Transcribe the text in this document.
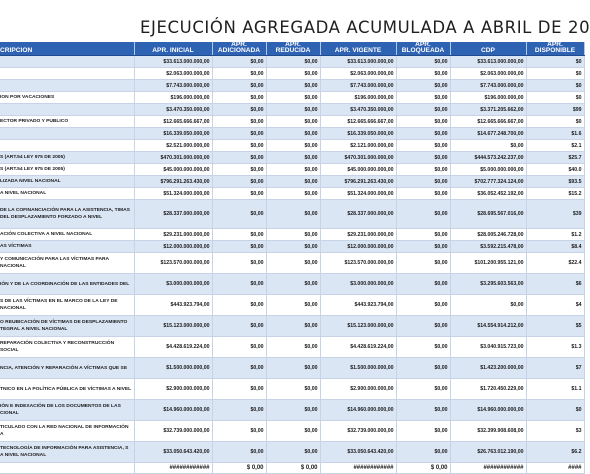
EJECUCIÓN AGREGADA ACUMULADA A ABRIL DE 20
CRIPCION	APR. INICIAL	APR. ADICIONADA	APR. REDUCIDA	APR. VIGENTE	APR. BLOQUEADA	CDP	APR. DISPONIBLE
	$33.613.000.000,00	$0,00	$0,00	$33.613.000.000,00	$0,00	$33.613.000.000,00	$0
	$2.063.000.000,00	$0,00	$0,00	$2.063.000.000,00	$0,00	$2.063.000.000,00	$0
	$7.743.000.000,00	$0,00	$0,00	$7.743.000.000,00	$0,00	$7.743.000.000,00	$0
ION POR VACACIONES	$196.000.000,00	$0,00	$0,00	$196.000.000,00	$0,00	$196.000.000,00	$0
	$3.470.350.000,00	$0,00	$0,00	$3.470.350.000,00	$0,00	$3.371.205.662,00	$99
ECTOR PRIVADO Y PUBLICO	$12.665.666.667,00	$0,00	$0,00	$12.665.666.667,00	$0,00	$12.665.666.667,00	$0
	$16.339.050.000,00	$0,00	$0,00	$16.339.050.000,00	$0,00	$14.677.248.700,00	$1.6
	$2.521.000.000,00	$0,00	$0,00	$2.121.000.000,00	$0,00	$0,00	$2.1
S (ART.54 LEY 975 DE 2005)	$470.301.000.000,00	$0,00	$0,00	$470.301.000.000,00	$0,00	$444.573.242.237,00	$25.7
S (ART.54 LEY 975 DE 2005)	$45.000.000.000,00	$0,00	$0,00	$45.000.000.000,00	$0,00	$5.000.000.000,00	$40.0
LIZADA NIVEL NACIONAL	$796.291.263.430,00	$0,00	$0,00	$796.291.263.430,00	$0,00	$702.777.324.124,00	$93.5
A NIVEL NACIONAL	$51.324.000.000,00	$0,00	$0,00	$51.324.000.000,00	$0,00	$36.052.452.192,00	$15.2
DE LA COFINANCIACIÓN PARA LA ASISTENCIA, TIMAS DEL DESPLAZAMIENTO FORZADO A NIVEL	$28.337.000.000,00	$0,00	$0,00	$28.337.000.000,00	$0,00	$28.695.567.016,00	$39
ACIÓN COLECTIVA A NIVEL NACIONAL	$29.231.000.000,00	$0,00	$0,00	$29.231.000.000,00	$0,00	$28.005.246.728,00	$1.2
AS VÍCTIMAS	$12.000.000.000,00	$0,00	$0,00	$12.000.000.000,00	$0,00	$3.592.215.478,00	$8.4
Y COMUNICACIÓN PARA LAS VÍCTIMAS PARA NACIONAL	$123.570.000.000,00	$0,00	$0,00	$123.570.000.000,00	$0,00	$101.200.955.121,00	$22.4
IÓN Y DE LA COORDINACIÓN DE LAS ENTIDADES DEL	$3.000.000.000,00	$0,00	$0,00	$3.000.000.000,00	$0,00	$3.295.603.563,00	$6
S DE LAS VÍCTIMAS EN EL MARCO DE LA LEY DE NACIONAL	$443.923.794,00	$0,00	$0,00	$443.923.794,00	$0,00	$0,00	$4
O REUBICACIÓN DE VÍCTIMAS DE DESPLAZAMIENTO TEGRAL A NIVEL NACIONAL	$15.123.000.000,00	$0,00	$0,00	$15.123.000.000,00	$0,00	$14.554.914.212,00	$5
REPARACIÓN COLECTIVA Y RECONSTRUCCIÓN SOCIAL	$4.428.619.224,00	$0,00	$0,00	$4.428.619.224,00	$0,00	$3.040.915.723,00	$1.3
NCIA, ATENCIÓN Y REPARACIÓN A VÍCTIMAS QUE SE	$1.500.000.000,00	$0,00	$0,00	$1.500.000.000,00	$0,00	$1.423.200.000,00	$7
TNICO EN LA POLÍTICA PÚBLICA DE VÍCTIMAS A NIVEL	$2.900.000.000,00	$0,00	$0,00	$2.900.000.000,00	$0,00	$1.720.450.229,00	$1.1
IÓN E INDEXACIÓN DE LOS DOCUMENTOS DE LAS CIONAL	$14.960.000.000,00	$0,00	$0,00	$14.960.000.000,00	$0,00	$14.960.000.000,00	$0
TICULADO CON LA RED NACIONAL DE INFORMACIÓN A	$32.739.000.000,00	$0,00	$0,00	$32.739.000.000,00	$0,00	$32.399.908.608,00	$3
TECNOLOGÍA DE INFORMACIÓN PARA ASISTENCIA, S A NIVEL NACIONAL	$33.050.643.420,00	$0,00	$0,00	$33.050.643.420,00	$0,00	$26.763.012.190,00	$6.2
	############	$ 0,00	$ 0,00	############	$ 0,00	############	####
